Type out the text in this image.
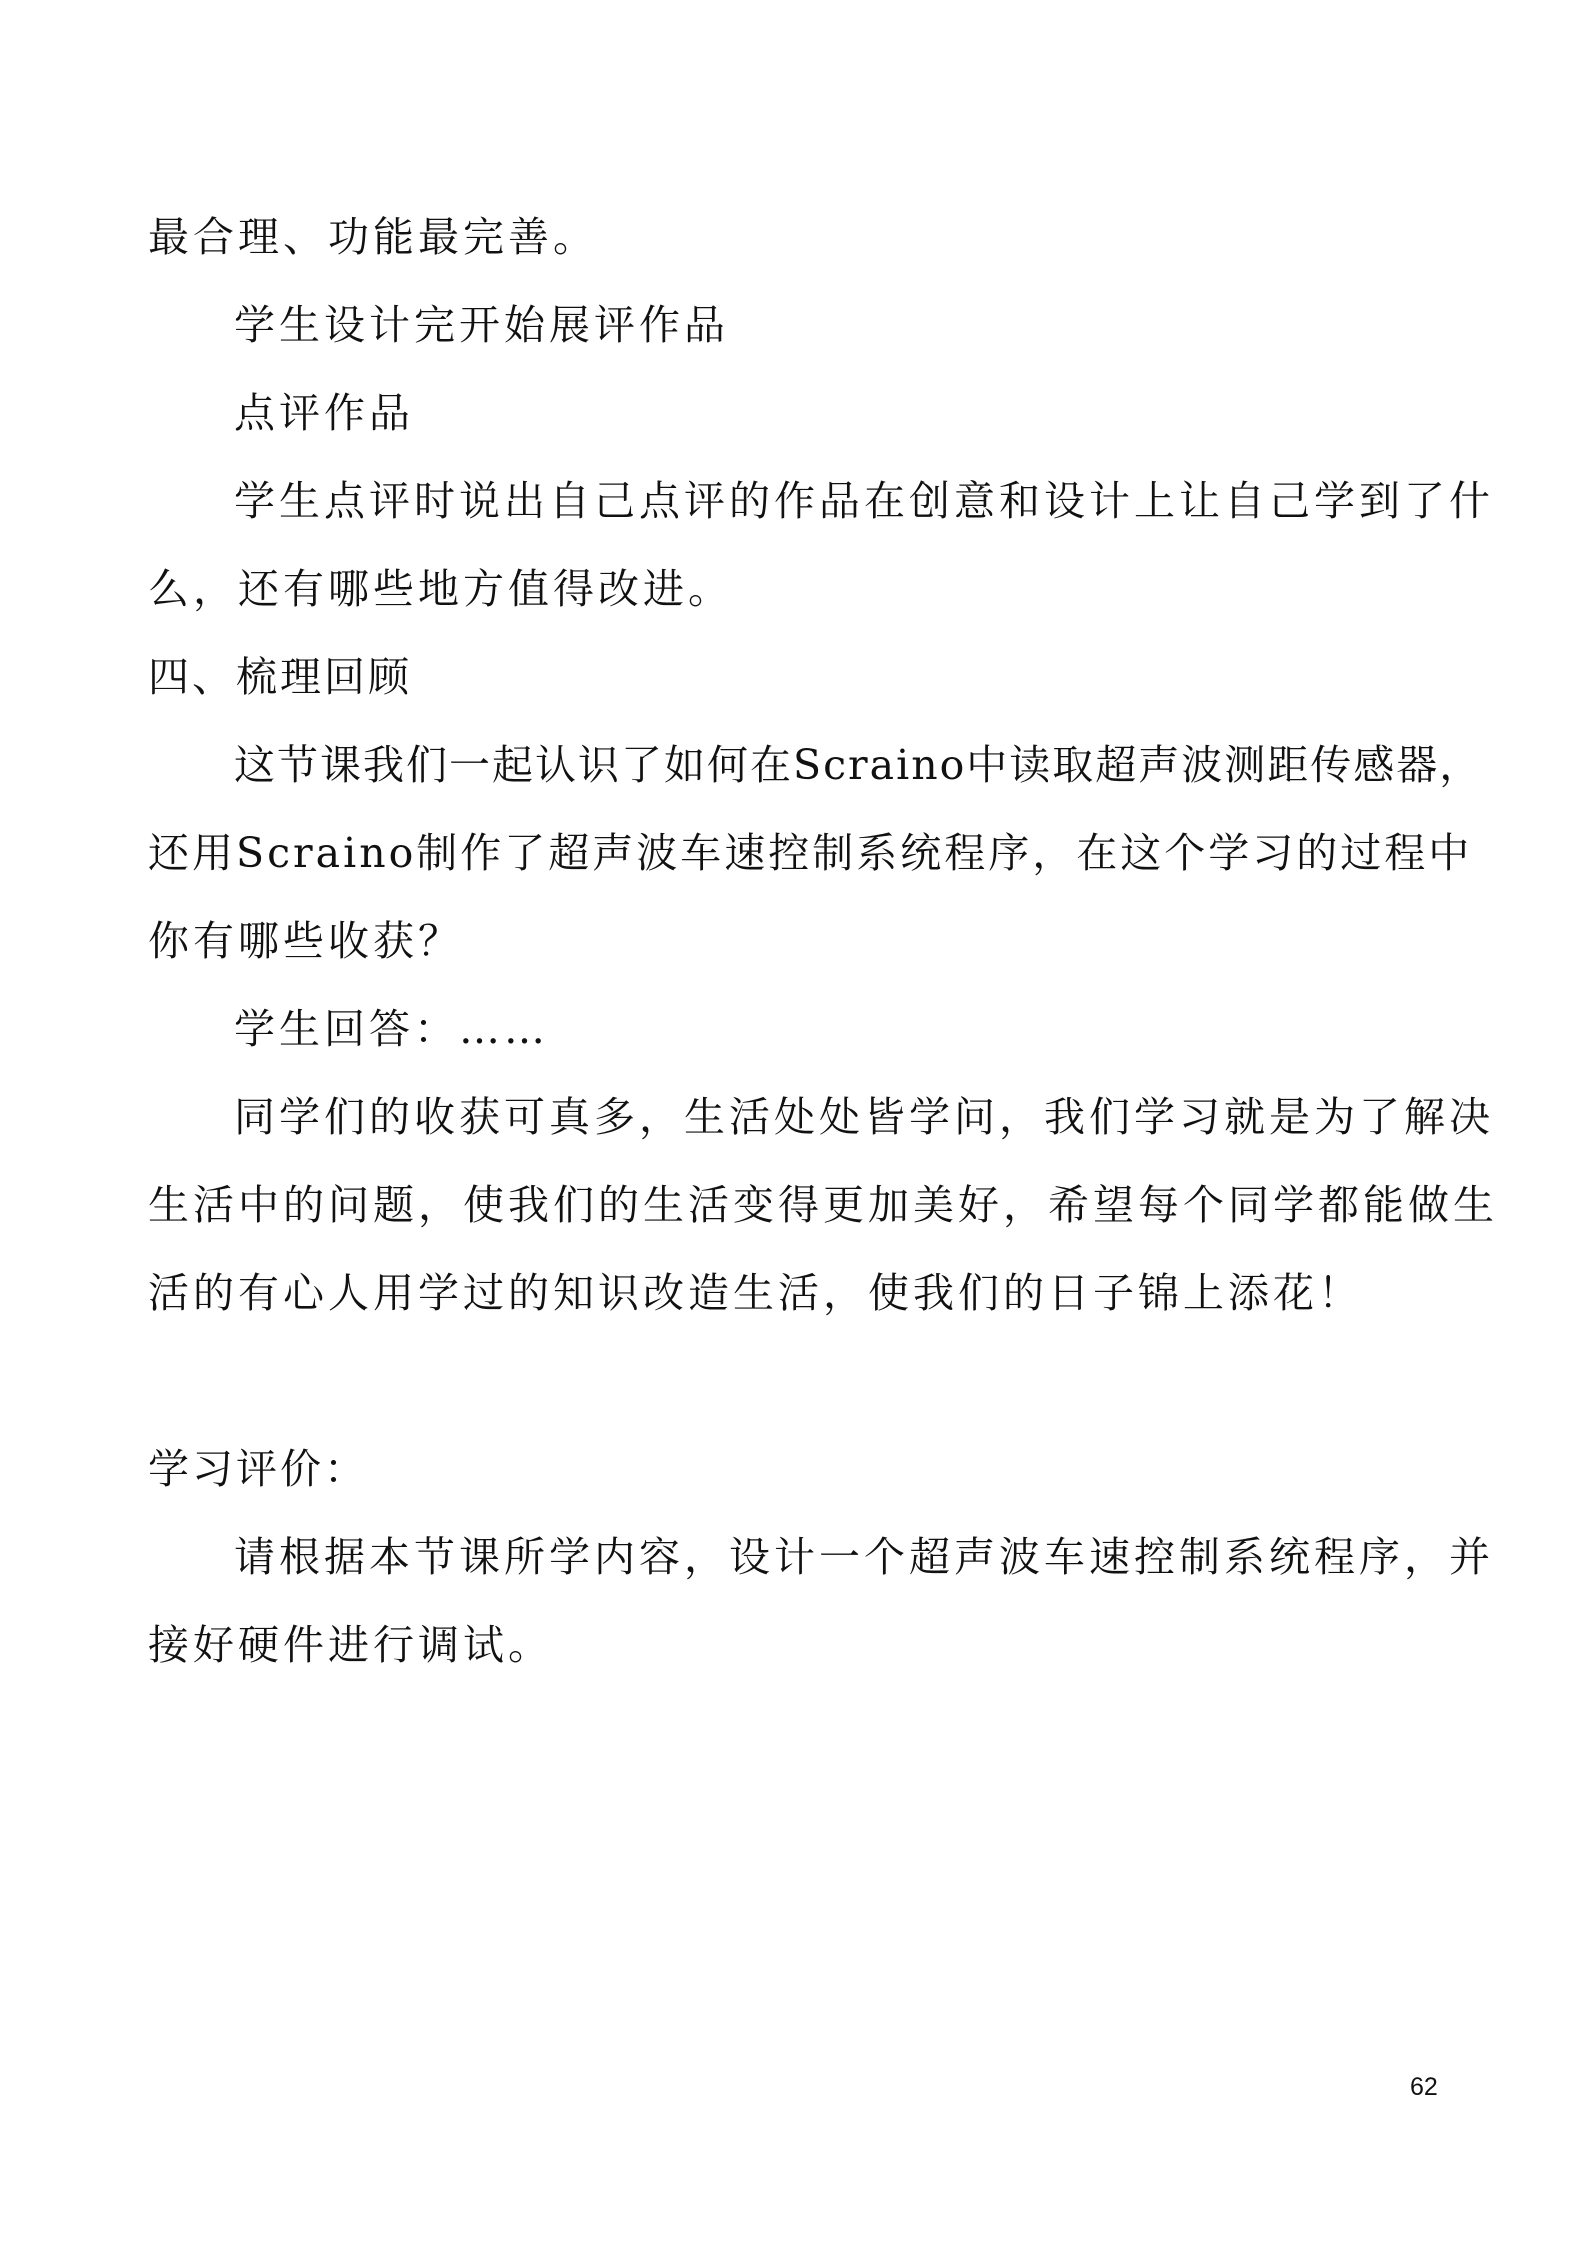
最合理、功能最完善。
学生设计完开始展评作品
点评作品
学生点评时说出自己点评的作品在创意和设计上让自己学到了什
么，还有哪些地方值得改进。
四、梳理回顾
这节课我们一起认识了如何在Scraino中读取超声波测距传感器，
还用Scraino制作了超声波车速控制系统程序，在这个学习的过程中
你有哪些收获？
学生回答：……
同学们的收获可真多，生活处处皆学问，我们学习就是为了解决
生活中的问题，使我们的生活变得更加美好，希望每个同学都能做生
活的有心人用学过的知识改造生活，使我们的日子锦上添花！
学习评价：
请根据本节课所学内容，设计一个超声波车速控制系统程序，并
接好硬件进行调试。
62
